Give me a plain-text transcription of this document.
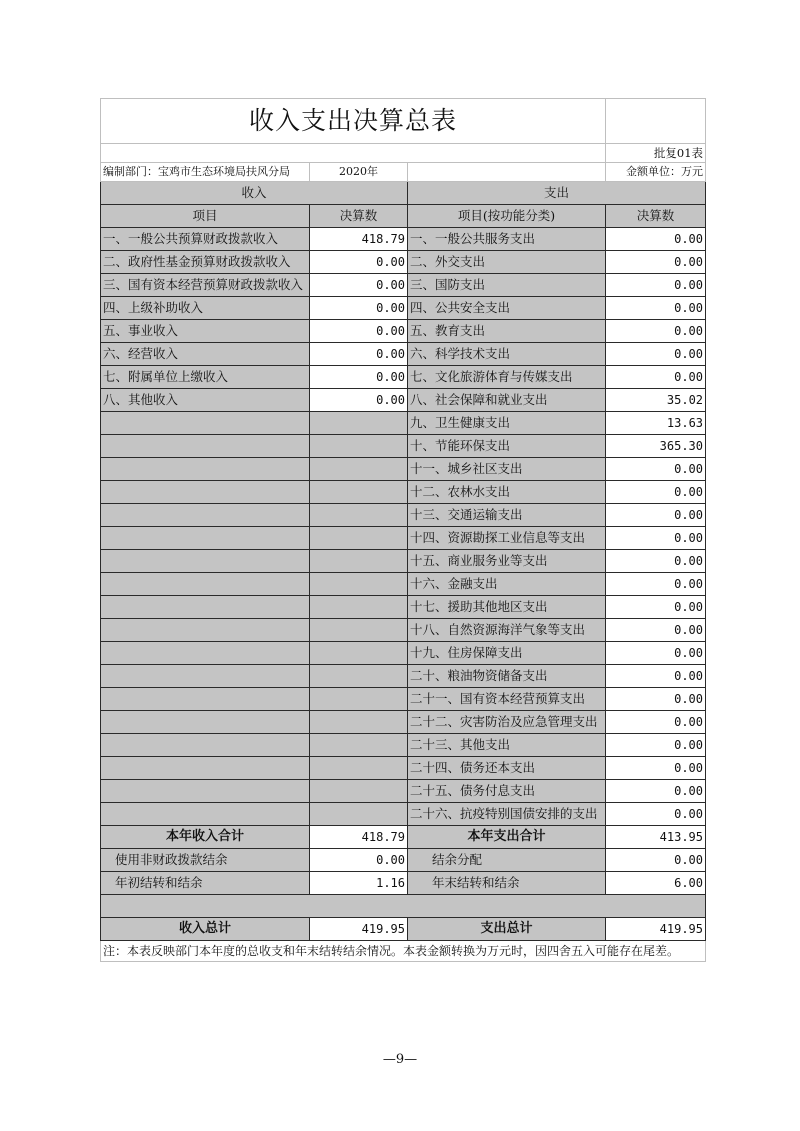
收入支出决算总表			
			批复01表
编制部门：宝鸡市生态环境局扶风分局	2020年		金额单位：万元
收入		支出	
项目	决算数	项目(按功能分类)	决算数
一、一般公共预算财政拨款收入	418.79	一、一般公共服务支出	0.00
二、政府性基金预算财政拨款收入	0.00	二、外交支出	0.00
三、国有资本经营预算财政拨款收入	0.00	三、国防支出	0.00
四、上级补助收入	0.00	四、公共安全支出	0.00
五、事业收入	0.00	五、教育支出	0.00
六、经营收入	0.00	六、科学技术支出	0.00
七、附属单位上缴收入	0.00	七、文化旅游体育与传媒支出	0.00
八、其他收入	0.00	八、社会保障和就业支出	35.02
		九、卫生健康支出	13.63
		十、节能环保支出	365.30
		十一、城乡社区支出	0.00
		十二、农林水支出	0.00
		十三、交通运输支出	0.00
		十四、资源勘探工业信息等支出	0.00
		十五、商业服务业等支出	0.00
		十六、金融支出	0.00
		十七、援助其他地区支出	0.00
		十八、自然资源海洋气象等支出	0.00
		十九、住房保障支出	0.00
		二十、粮油物资储备支出	0.00
		二十一、国有资本经营预算支出	0.00
		二十二、灾害防治及应急管理支出	0.00
		二十三、其他支出	0.00
		二十四、债务还本支出	0.00
		二十五、债务付息支出	0.00
		二十六、抗疫特别国债安排的支出	0.00
本年收入合计	418.79	本年支出合计	413.95
使用非财政拨款结余	0.00	结余分配	0.00
年初结转和结余	1.16	年末结转和结余	6.00

收入总计	419.95	支出总计	419.95
注：本表反映部门本年度的总收支和年末结转结余情况。本表金额转换为万元时，因四舍五入可能存在尾差。			
—9—
